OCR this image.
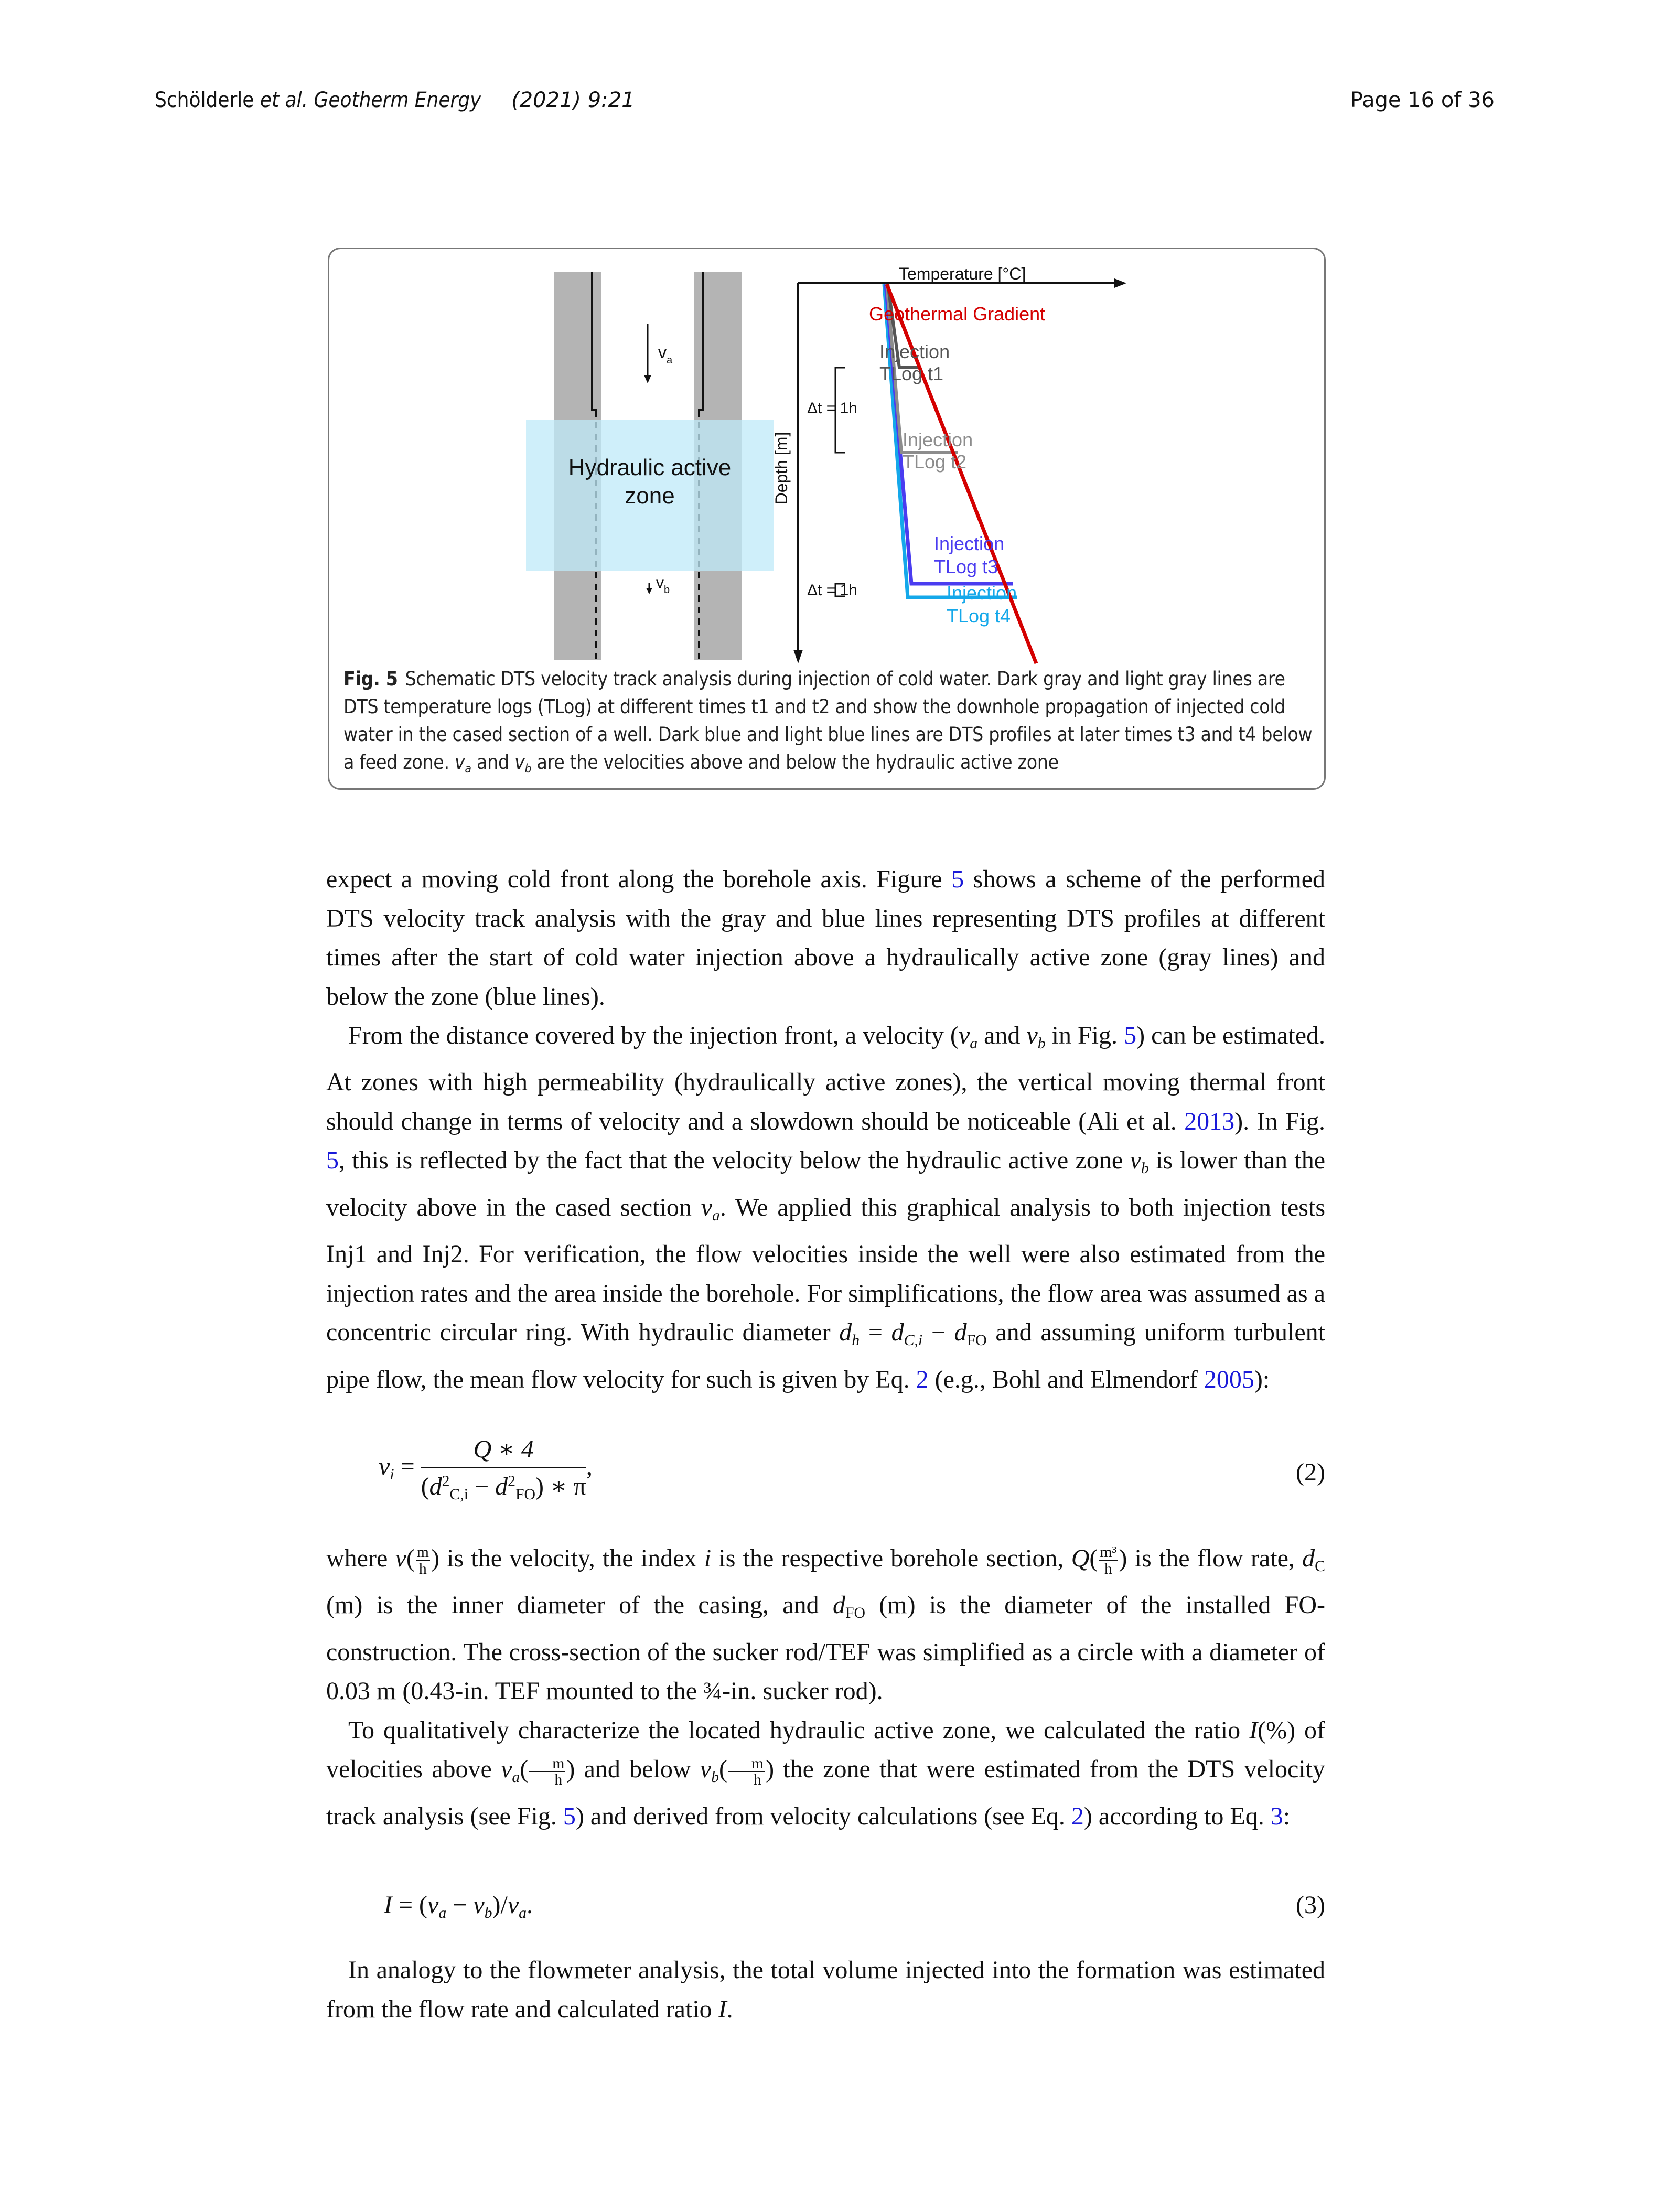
Schölderle et al. Geotherm Energy (2021) 9:21	Page 16 of 36
Hydraulic active
zone
$v_a$
$v_b$
Temperature [°C]
Depth [m]
Δt = 1h
Δt = 1h
Geothermal Gradient
Injection
TLog t1
Injection
TLog t2
Injection
TLog t3
Injection
TLog t4
Fig. 5 Schematic DTS velocity track analysis during injection of cold water. Dark gray and light gray lines are DTS temperature logs (TLog) at different times t1 and t2 and show the downhole propagation of injected cold water in the cased section of a well. Dark blue and light blue lines are DTS profiles at later times t3 and t4 below a feed zone. va and vb are the velocities above and below the hydraulic active zone

expect a moving cold front along the borehole axis. Figure 5 shows a scheme of the performed DTS velocity track analysis with the gray and blue lines representing DTS profiles at different times after the start of cold water injection above a hydraulically active zone (gray lines) and below the zone (blue lines).

From the distance covered by the injection front, a velocity (va and vb in Fig. 5) can be estimated. At zones with high permeability (hydraulically active zones), the vertical moving thermal front should change in terms of velocity and a slowdown should be noticeable (Ali et al. 2013). In Fig. 5, this is reflected by the fact that the velocity below the hydraulic active zone vb is lower than the velocity above in the cased section va. We applied this graphical analysis to both injection tests Inj1 and Inj2. For verification, the flow velocities inside the well were also estimated from the injection rates and the area inside the borehole. For simplifications, the flow area was assumed as a concentric circular ring. With hydraulic diameter dh = $dC,i - d_{FO}$ and assuming uniform turbulent pipe flow, the mean flow velocity for such is given by Eq. 2 (e.g., Bohl and Elmendorf 2005):

vi = $\frac{Q ∗ 4}{(d^2_{C,i} - d^2_{FO}) ∗ \pi}$ ,	(2)

where $v( \frac{m}{h}$ ) is the velocity, the index i is the respective borehole section, $Q( \frac{\text{m³}}{h}$ ) is the flow rate, $d_C$ (m) is the inner diameter of the casing, and $d_{FO}$ (m) is the diameter of the installed FO-construction. The cross-section of the sucker rod/TEF was simplified as a circle with a diameter of 0.03 m (0.43-in. TEF mounted to the ¾-in. sucker rod).

To qualitatively characterize the located hydraulic active zone, we calculated the ratio I(%) of velocities above $va( \frac{m}{h}$ ) and below $vb( \frac{m}{h}$ ) the zone that were estimated from the DTS velocity track analysis (see Fig. 5) and derived from velocity calculations (see Eq. 2) according to Eq. 3:

I = (va − vb)/va.	(3)

In analogy to the flowmeter analysis, the total volume injected into the formation was estimated from the flow rate and calculated ratio I.
